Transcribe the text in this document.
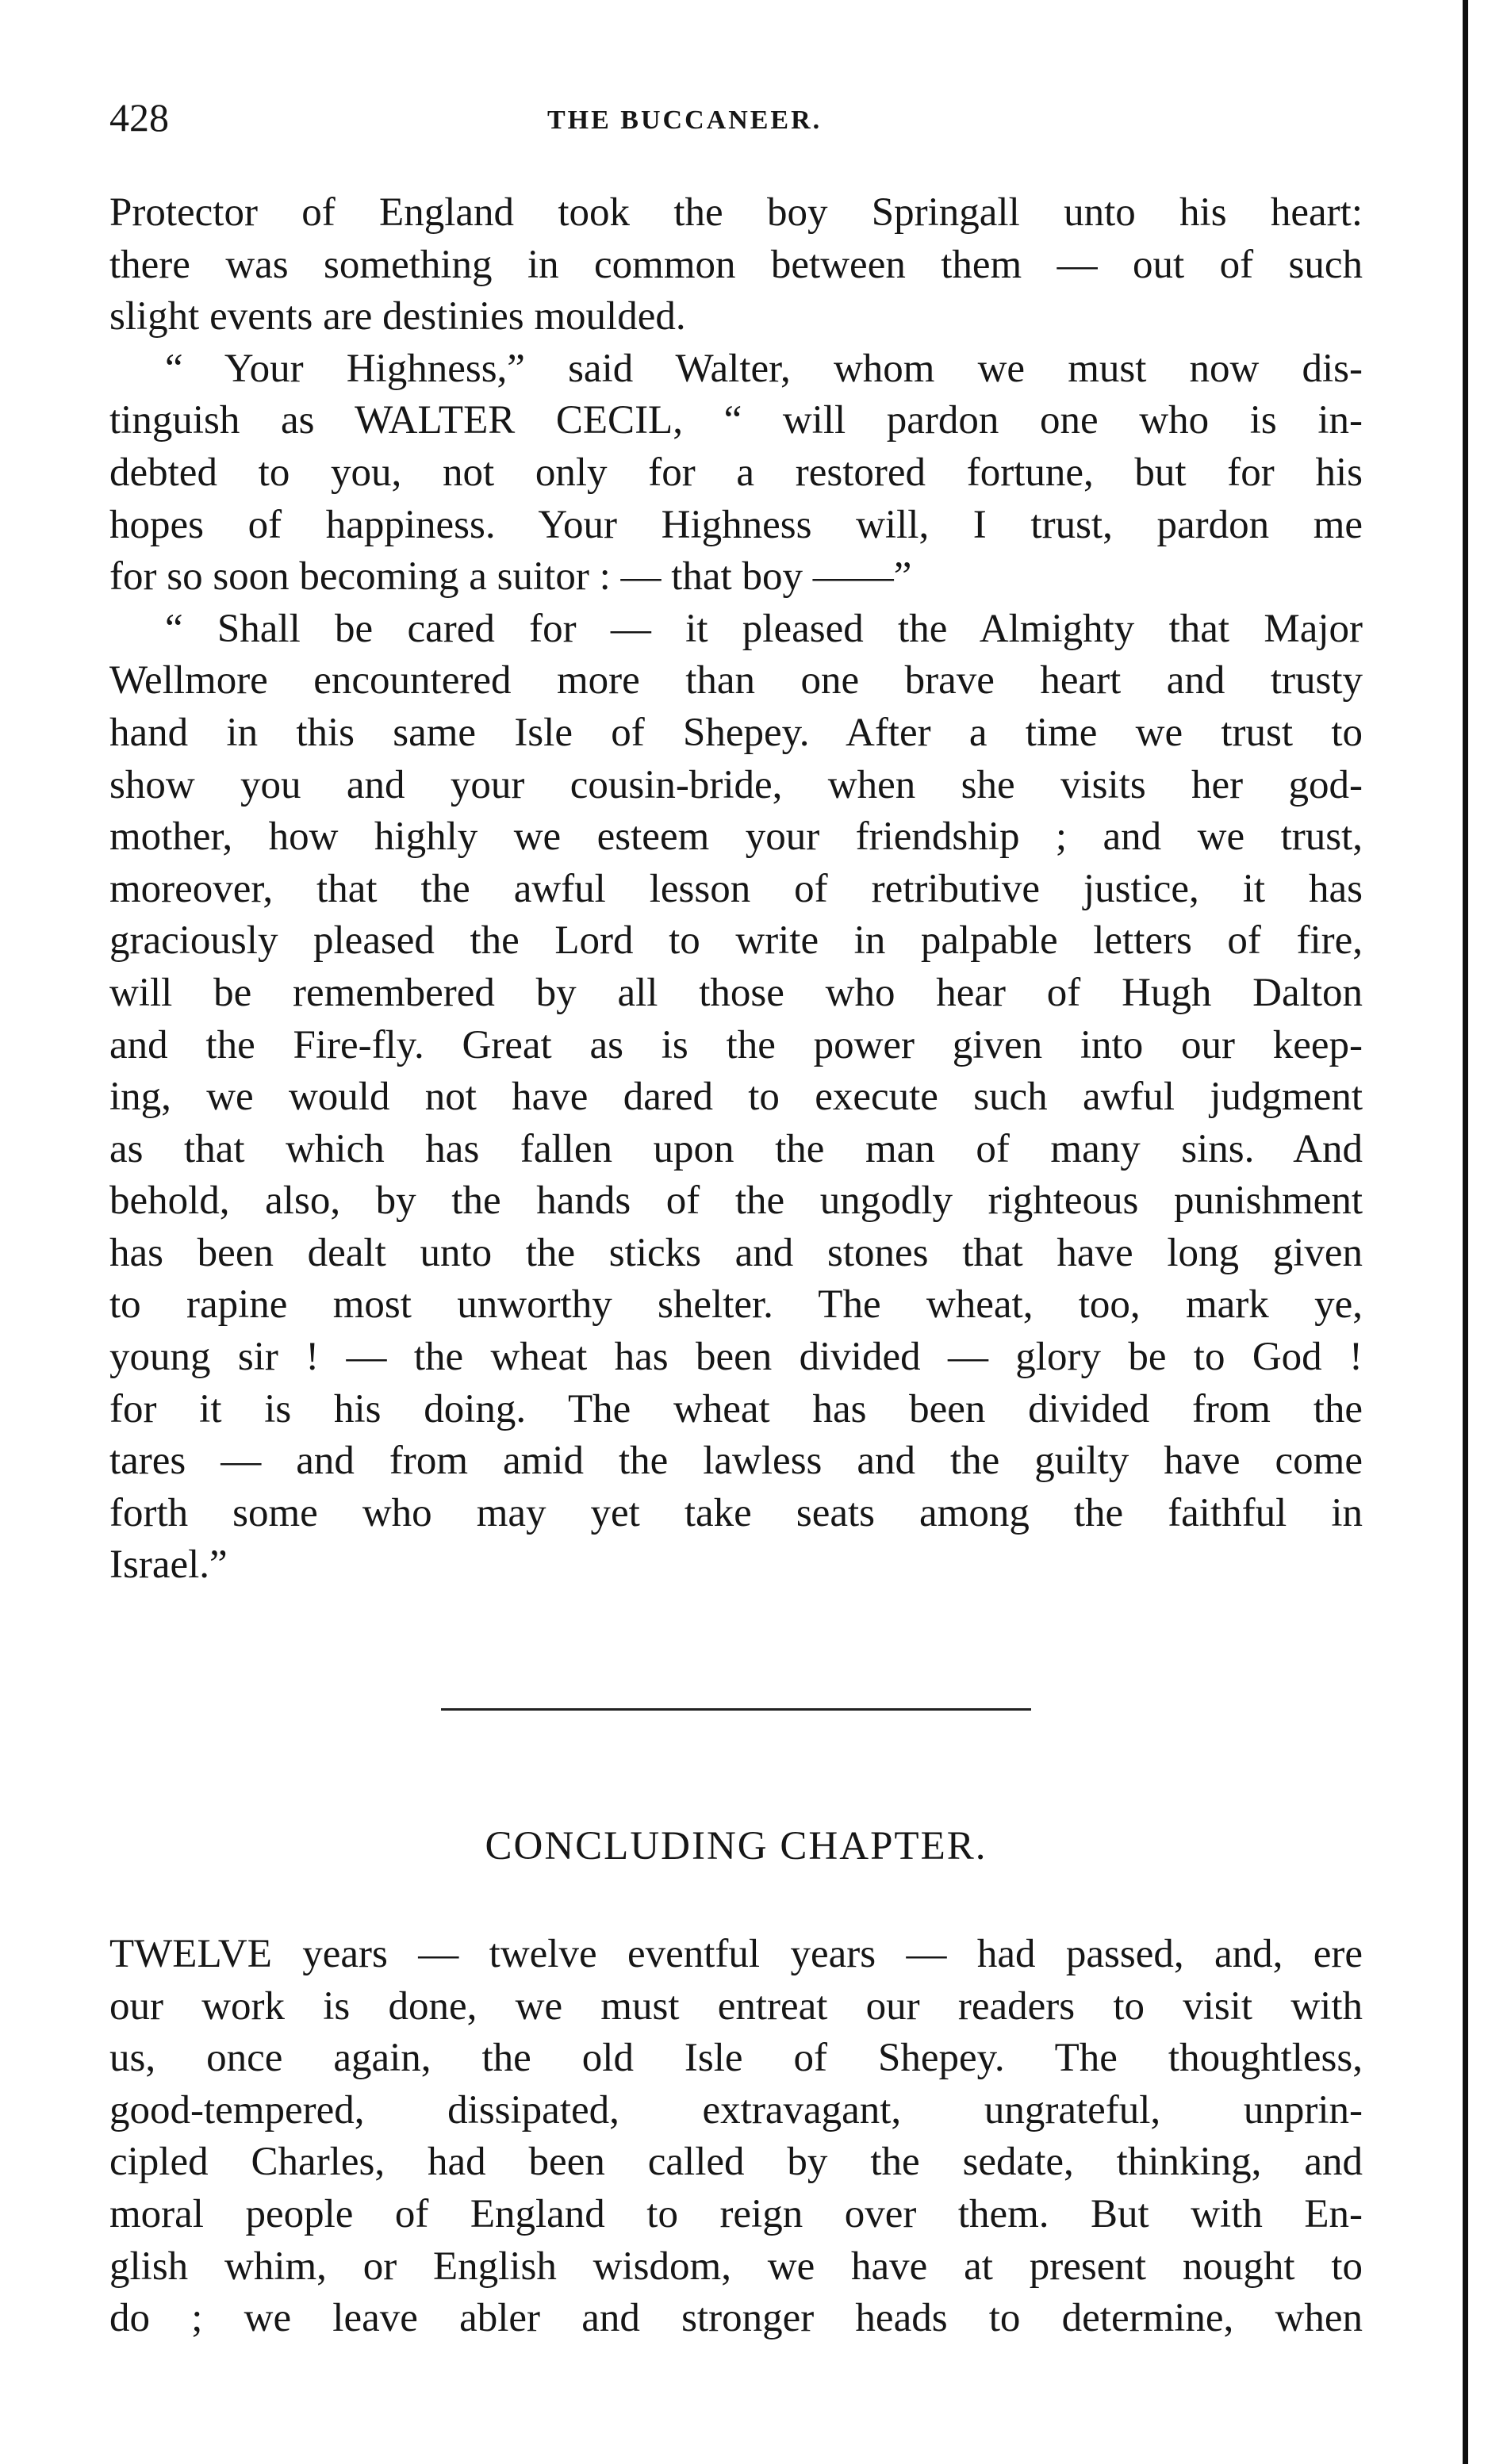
428	THE BUCCANEER.
Protector of England took the boy Springall unto his heart:
there was something in common between them — out of such
slight events are destinies moulded.
“ Your Highness,” said Walter, whom we must now dis-
tinguish as WALTER CECIL, “ will pardon one who is in-
debted to you, not only for a restored fortune, but for his
hopes of happiness. Your Highness will, I trust, pardon me
for so soon becoming a suitor : — that boy ——”
“ Shall be cared for — it pleased the Almighty that Major
Wellmore encountered more than one brave heart and trusty
hand in this same Isle of Shepey. After a time we trust to
show you and your cousin-bride, when she visits her god-
mother, how highly we esteem your friendship ; and we trust,
moreover, that the awful lesson of retributive justice, it has
graciously pleased the Lord to write in palpable letters of fire,
will be remembered by all those who hear of Hugh Dalton
and the Fire-fly. Great as is the power given into our keep-
ing, we would not have dared to execute such awful judgment
as that which has fallen upon the man of many sins. And
behold, also, by the hands of the ungodly righteous punishment
has been dealt unto the sticks and stones that have long given
to rapine most unworthy shelter. The wheat, too, mark ye,
young sir ! — the wheat has been divided — glory be to God !
for it is his doing. The wheat has been divided from the
tares — and from amid the lawless and the guilty have come
forth some who may yet take seats among the faithful in
Israel.”
CONCLUDING CHAPTER.
TWELVE years — twelve eventful years — had passed, and, ere
our work is done, we must entreat our readers to visit with
us, once again, the old Isle of Shepey. The thoughtless,
good-tempered, dissipated, extravagant, ungrateful, unprin-
cipled Charles, had been called by the sedate, thinking, and
moral people of England to reign over them. But with En-
glish whim, or English wisdom, we have at present nought to
do ; we leave abler and stronger heads to determine, when
